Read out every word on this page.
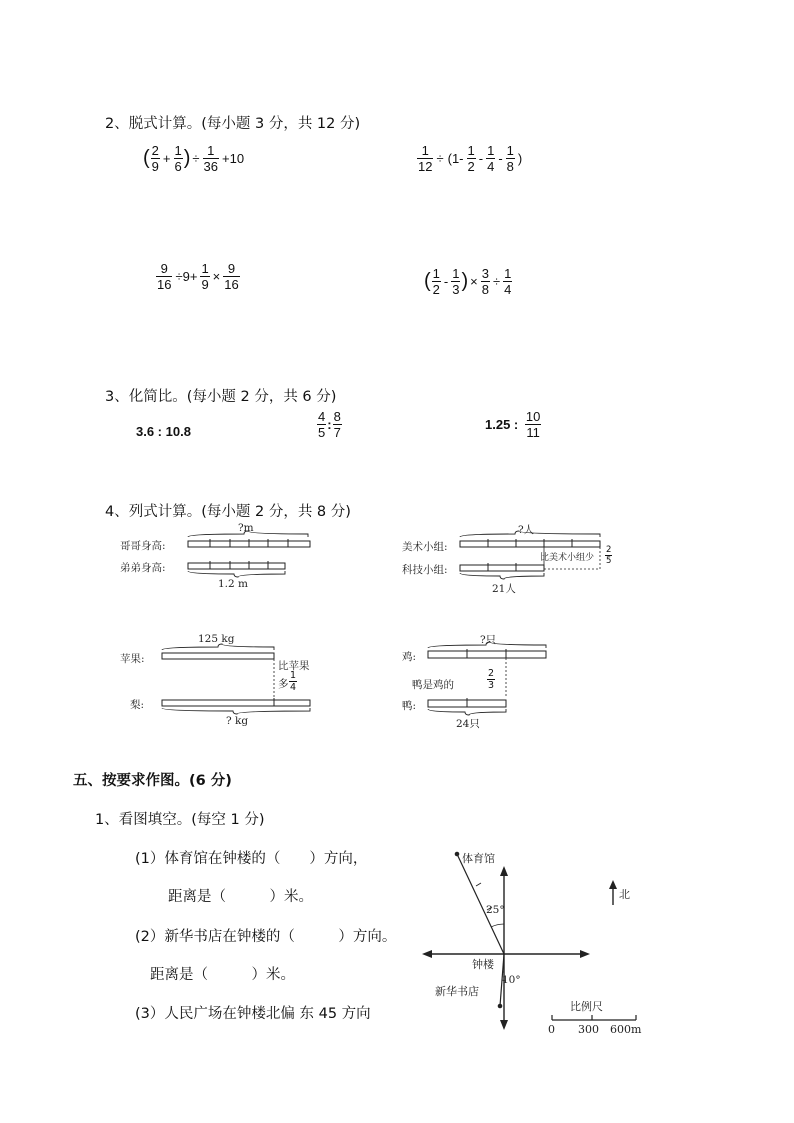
2、脱式计算。(每小题 3 分，共 12 分)
( $\frac{2}{9} + \frac{1}{6}$ ) ÷ $\frac{1}{36} +10$	$\frac{1}{12} \div (1- \frac{1}{2} - \frac{1}{4} - \frac{1}{8}$ )
$\frac{9}{16} \div 9+ \frac{1}{9} \times \frac{9}{16}$	( $\frac{1}{2} - \frac{1}{3}$ ) × $\frac{3}{8} \div \frac{1}{4}$
3、化简比。(每小题 2 分，共 6 分)
3.6 : 10.8	$\frac{4}{5}$ : $\frac{8}{7}$	1.25 : $\frac{10}{11}$
4、列式计算。(每小题 2 分，共 8 分)
?m
哥哥身高:
弟弟身高:
1.2 m
?人
美术小组:
科技小组:
比美术小组少 $\frac{2}{5}$
21人
125 kg
苹果:
梨:
比苹果
多 $\frac{1}{4}$
? kg
?只
鸡:
鸭:
鸭是鸡的	$\frac{2}{3}$
24只
五、按要求作图。(6 分)
1、看图填空。(每空 1 分)
(1）体育馆在钟楼的（　　）方向，
距离是（　　　）米。
(2）新华书店在钟楼的（　　　）方向。
距离是（　　　）米。
(3）人民广场在钟楼北偏 东 45 方向
体育馆
25°
钟楼
新华书店
10°
北
比例尺
0 300 600m
